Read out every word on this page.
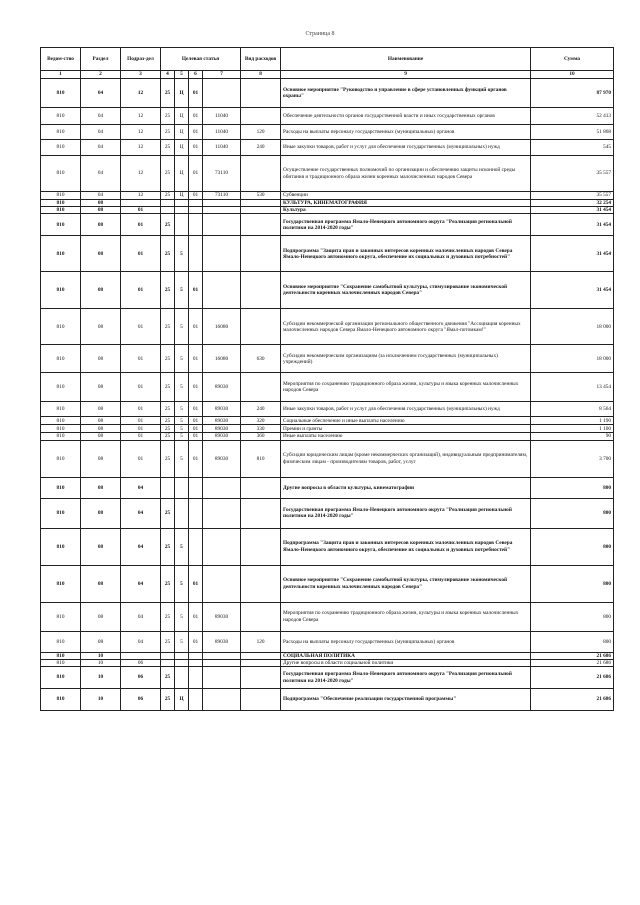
Страница 8
Ведом-ство	Раздел	Подраз-дел	Целевая статья				Вид расходов	Наименование	Сумма
1	2	3	4	5	6	7	8	9	10
810	04	12	25	Ц	01			Основное мероприятие "Руководство и управление в сфере установленных функций органов охраны"	87 970
810	04	12	25	Ц	01	11040		Обеспечение деятельности органов государственной власти и иных государственных органов	52 413
810	04	12	25	Ц	01	11040	120	Расходы на выплаты персоналу государственных (муниципальных) органов	51 868
810	04	12	25	Ц	01	11040	240	Иные закупки товаров, работ и услуг для обеспечения государственных (муниципальных) нужд	545
810	04	12	25	Ц	01	73110		Осуществление государственных полномочий по организации и обеспечению защиты исконной среды обитания и традиционного образа жизни коренных малочисленных народов Севера	35 557
810	04	12	25	Ц	01	73110	530	Субвенции	35 557
810	08							КУЛЬТУРА, КИНЕМАТОГРАФИЯ	32 254
810	08	01						Культура	31 454
810	08	01	25					Государственная программа Ямало-Ненецкого автономного округа "Реализация региональной политики на 2014-2020 годы"	31 454
810	08	01	25	5				Подпрограмма "Защита прав и законных интересов коренных малочисленных народов Севера Ямало-Ненецкого автономного округа, обеспечение их социальных и духовных потребностей"	31 454
810	08	01	25	5	01			Основное мероприятие "Сохранение самобытной культуры, стимулирование экономической деятельности коренных малочисленных народов Севера"	31 454
810	08	01	25	5	01	16080		Субсидии некоммерческой организации регионального общественного движения "Ассоциация коренных малочисленных народов Севера Ямало-Ненецкого автономного округа "Ямал-потомкам!"	18 000
810	08	01	25	5	01	16080	630	Субсидии некоммерческим организациям (за исключением государственных (муниципальных) учреждений)	18 000
810	08	01	25	5	01	89030		Мероприятия по сохранению традиционного образа жизни, культуры и языка коренных малочисленных народов Севера	13 454
810	08	01	25	5	01	89030	240	Иные закупки товаров, работ и услуг для обеспечения государственных (муниципальных) нужд	8 564
810	08	01	25	5	01	89030	320	Социальные обеспечение и иные выплаты населению	1 190
810	08	01	25	5	01	89030	330	Премии и гранты	1 100
810	08	01	25	5	01	89030	360	Иные выплаты населению	90
810	08	01	25	5	01	89030	810	Субсидии юридическим лицам (кроме некоммерческих организаций), индивидуальным предпринимателям, физическим лицам - производителям товаров, работ, услуг	3 700
810	08	04						Другие вопросы в области культуры, кинематографии	800
810	08	04	25					Государственная программа Ямало-Ненецкого автономного округа "Реализация региональной политики на 2014-2020 годы"	800
810	08	04	25	5				Подпрограмма "Защита прав и законных интересов коренных малочисленных народов Севера Ямало-Ненецкого автономного округа, обеспечение их социальных и духовных потребностей"	800
810	08	04	25	5	01			Основное мероприятие "Сохранение самобытной культуры, стимулирование экономической деятельности коренных малочисленных народов Севера"	800
810	08	04	25	5	01	89030		Мероприятия по сохранению традиционного образа жизни, культуры и языка коренных малочисленных народов Севера	800
810	08	04	25	5	01	89030	120	Расходы на выплаты персоналу государственных (муниципальных) органов	800
810	10							СОЦИАЛЬНАЯ ПОЛИТИКА	21 686
810	10	06						Другие вопросы в области социальной политики	21 686
810	10	06	25					Государственная программа Ямало-Ненецкого автономного округа "Реализация региональной политики на 2014-2020 годы"	21 686
810	10	06	25	Ц				Подпрограмма "Обеспечение реализации государственной программы"	21 686
